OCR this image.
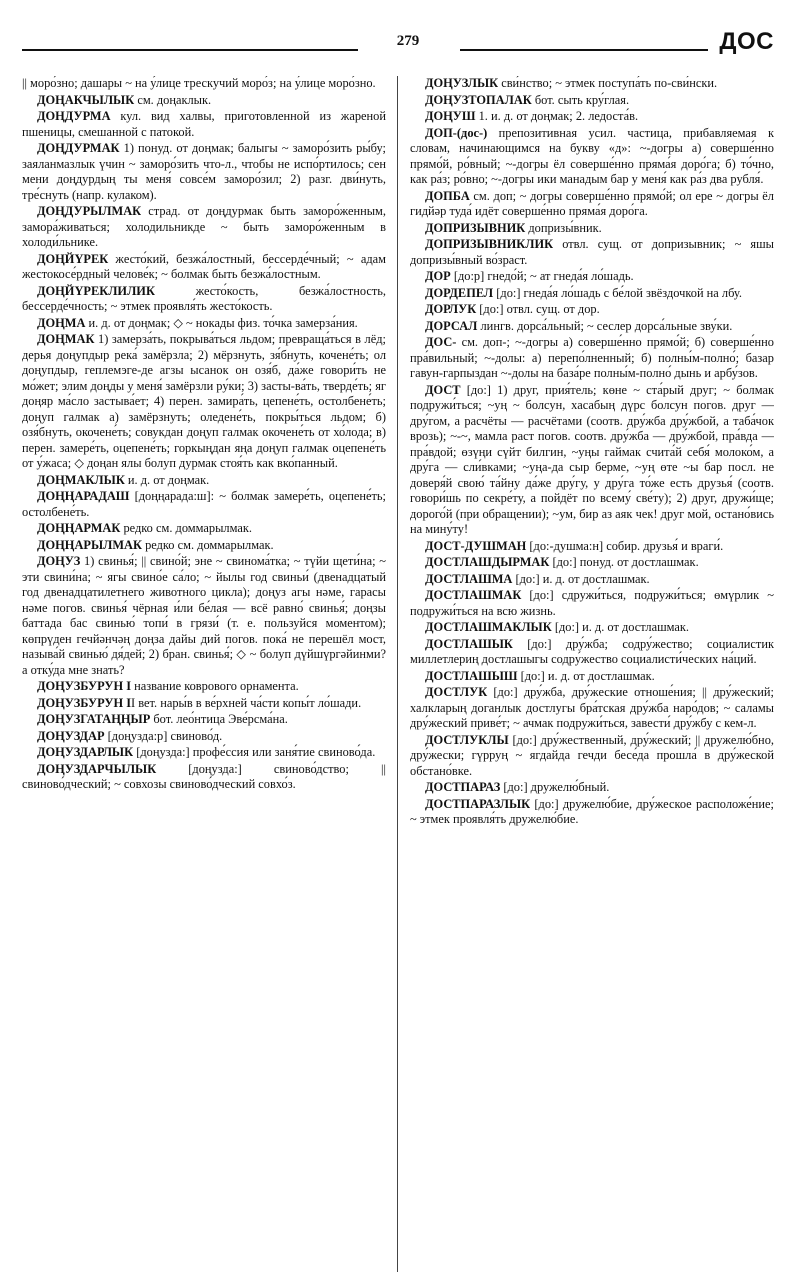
279	ДОС

|| моро́зно; дашары ~ на у́лице трескучий моро́з; на у́лице моро́зно.

ДОҢАКЧЫЛЫК см. доңаклык.

ДОҢДУРМА кул. вид халвы, приготовленной из жареной пшеницы, смешанной с патокой.

ДОҢДУРМАК 1) понуд. от доңмак; балыгы ~ заморо́зить ры́бу; заяланмазлык үчин ~ заморо́зить что-л., чтобы не испо́ртилось; сен мени доңдурдың ты меня́ совсе́м заморо́зил; 2) разг. дви́нуть, тре́снуть (напр. кулаком).

ДОҢДУРЫЛМАК страд. от доңдурмак быть заморо́женным, замора́живаться; холодильникде ~ быть заморо́женным в холоди́льнике.

ДОҢЙҮРЕК жесто́кий, безжа́лостный, бессерде́чный; ~ адам жестокосе́рдный челове́к; ~ болмак быть безжа́лостным.

ДОҢЙҮРЕКЛИЛИК жесто́кость, безжа́лостность, бессерде́чность; ~ этмек проявля́ть жесто́кость.

ДОҢМА и. д. от доңмак; ◇ ~ нокады физ. то́чка замерза́ния.

ДОҢМАК 1) замерза́ть, покрыва́ться льдом; превраща́ться в лёд; дерья доңупдыр река́ замёрзла; 2) мёрзнуть, зя́бнуть, кочене́ть; ол доңупдыр, геплемэге-де агзы ысанок он озя́б, да́же говори́ть не мо́жет; элим доңды у меня́ замёрзли ру́ки; 3) засты-ва́ть, тверде́ть; яг доңяр ма́сло застыва́ет; 4) перен. замира́ть, цепене́ть, остолбене́ть; доңуп галмак а) замёрзнуть; оледене́ть, покры́ться льдом; б) озя́бнуть, окочене́ть; совукдан доңуп галмак окочене́ть от хо́лода; в) перен. замере́ть, оцепене́ть; горкыңдан яңа доңуп галмак оцепене́ть от у́жаса; ◇ доңан ялы болуп дурмак стоя́ть как вко́панный.

ДОҢМАКЛЫК и. д. от доңмак.

ДОҢҢАРАДАШ [доңңарада:ш]: ~ болмак замере́ть, оцепене́ть; остолбене́ть.

ДОҢҢАРМАК редко см. доммарылмак.

ДОҢҢАРЫЛМАК редко см. доммарылмак.

ДОҢУЗ 1) свинья́; || свино́й; эне ~ свинома́тка; ~ түйи щети́на; ~ эти свини́на; ~ ягы свино́е са́ло; ~ йылы год свиньи́ (двенадцатый год двенадцатилетнего животного цикла); доңуз агы нәме, гарасы нәме погов. свинья́ чёрная и́ли бе́лая — всё равно́ свинья́; доңзы баттада бас свинью́ топи́ в грязи́ (т. е. пользуйся моментом); көпрүден гечйәнчәң доңза дайы дий погов. пока́ не перешёл мост, называ́й свинью́ дя́дей; 2) бран. свинья́; ◇ ~ болуп дүйшүргәйинми? а отку́да мне знать?

ДОҢУЗБУРУН I название коврового орнамента.

ДОҢУЗБУРУН II вет. нары́в в ве́рхней ча́сти копы́т ло́шади.

ДОҢУЗГАТАҢҢЫР бот. лео́нтица Эве́рсма́на.

ДОҢУЗДАР [доңузда:р] свиново́д.

ДОҢУЗДАРЛЫК [доңузда:] профе́ссия или заня́тие свиново́да.

ДОҢУЗДАРЧЫЛЫК [доңузда:] свиново́дство; || свиново́дческий; ~ совхозы свиново́дческий совхо́з.

ДОҢУЗЛЫК сви́нство; ~ этмек поступа́ть по-сви́нски.

ДОҢУЗТОПАЛАК бот. сыть кру́глая.

ДОҢУШ 1. и. д. от доңмак; 2. ледоста́в.

ДОП-(дос-) препозитивная усил. частица, прибавляемая к словам, начинающимся на букву «д»: ~-догры а) соверше́нно прямо́й, ро́вный; ~-догры ёл соверше́нно пряма́я доро́га; б) то́чно, как ра́з; ро́вно; ~-догры ики манадым бар у меня́ как ра́з два рубля́.

ДОПБА см. доп; ~ догры соверше́нно прямо́й; ол ере ~ догры ёл гидйәр туда́ идёт соверше́нно пряма́я доро́га.

ДОПРИЗЫВНИК допризы́вник.

ДОПРИЗЫВНИКЛИК отвл. сущ. от допризывник; ~ яшы допризы́вный во́зраст.

ДОР [до:р] гнедо́й; ~ ат гнеда́я ло́шадь.

ДОРДЕПЕЛ [до:] гнеда́я ло́шадь с бе́лой звёздочкой на лбу.

ДОРЛУК [до:] отвл. сущ. от дор.

ДОРСАЛ лингв. дорса́льный; ~ сеслер дорса́льные зву́ки.

ДОС- см. доп-; ~-догры а) соверше́нно прямо́й; б) соверше́нно пра́вильный; ~-долы: а) перепо́лненный; б) полны́м-полно́; базар гавун-гарпыздан ~-долы на база́ре полны́м-полно́ дынь и арбу́зов.

ДОСТ [до:] 1) друг, прия́тель; көне ~ ста́рый друг; ~ болмак подружи́ться; ~уң ~ болсун, хасабың дүрс болсун погов. друг — дру́гом, а расчёты — расчётами (соотв. дру́жба дру́жбой, а таба́чок врозь); ~-~, мамла раст погов. соотв. дру́жба — дру́жбой, пра́вда — пра́вдой; өзүңи сүйт билгин, ~уңы гаймак счита́й себя́ молоко́м, а дру́га — сли́вками; ~уңа-да сыр берме, ~уң өте ~ы бар посл. не доверя́й свою́ та́йну да́же дру́гу, у дру́га то́же есть друзья́ (соотв. говори́шь по секре́ту, а пойдёт по всему́ све́ту); 2) друг, дружи́ще; дорого́й (при обращении); ~ум, бир аз аяк чек! друг мой, остано́вись на мину́ту!

ДОСТ-ДУШМАН [до:-душма:н] собир. друзья́ и враги́.

ДОСТЛАШДЫРМАК [до:] понуд. от достлашмак.

ДОСТЛАШМА [до:] и. д. от достлашмак.

ДОСТЛАШМАК [до:] сдружи́ться, подружи́ться; өмүрлик ~ подружи́ться на всю жизнь.

ДОСТЛАШМАКЛЫК [до:] и. д. от достлашмак.

ДОСТЛАШЫК [до:] дру́жба; содру́жество; социалистик миллетлериң достлашыгы содру́жество социалисти́ческих на́ций.

ДОСТЛАШЫШ [до:] и. д. от достлашмак.

ДОСТЛУК [до:] дру́жба, дру́жеские отноше́ния; || дру́жеский; халкларың доганлык достлугы бра́тская дру́жба наро́дов; ~ саламы дру́жеский приве́т; ~ ачмак подружи́ться, завести́ дру́жбу с кем-л.

ДОСТЛУКЛЫ [до:] дру́жественный, дру́жеский; || дружелю́бно, дру́жески; гүрруң ~ ягдайда гечди бесе́да прошла́ в дру́жеской обстано́вке.

ДОСТПАРАЗ [до:] дружелю́бный.

ДОСТПАРАЗЛЫК [до:] дружелю́бие, дру́жеское расположе́ние; ~ этмек проявля́ть дружелю́бие.
